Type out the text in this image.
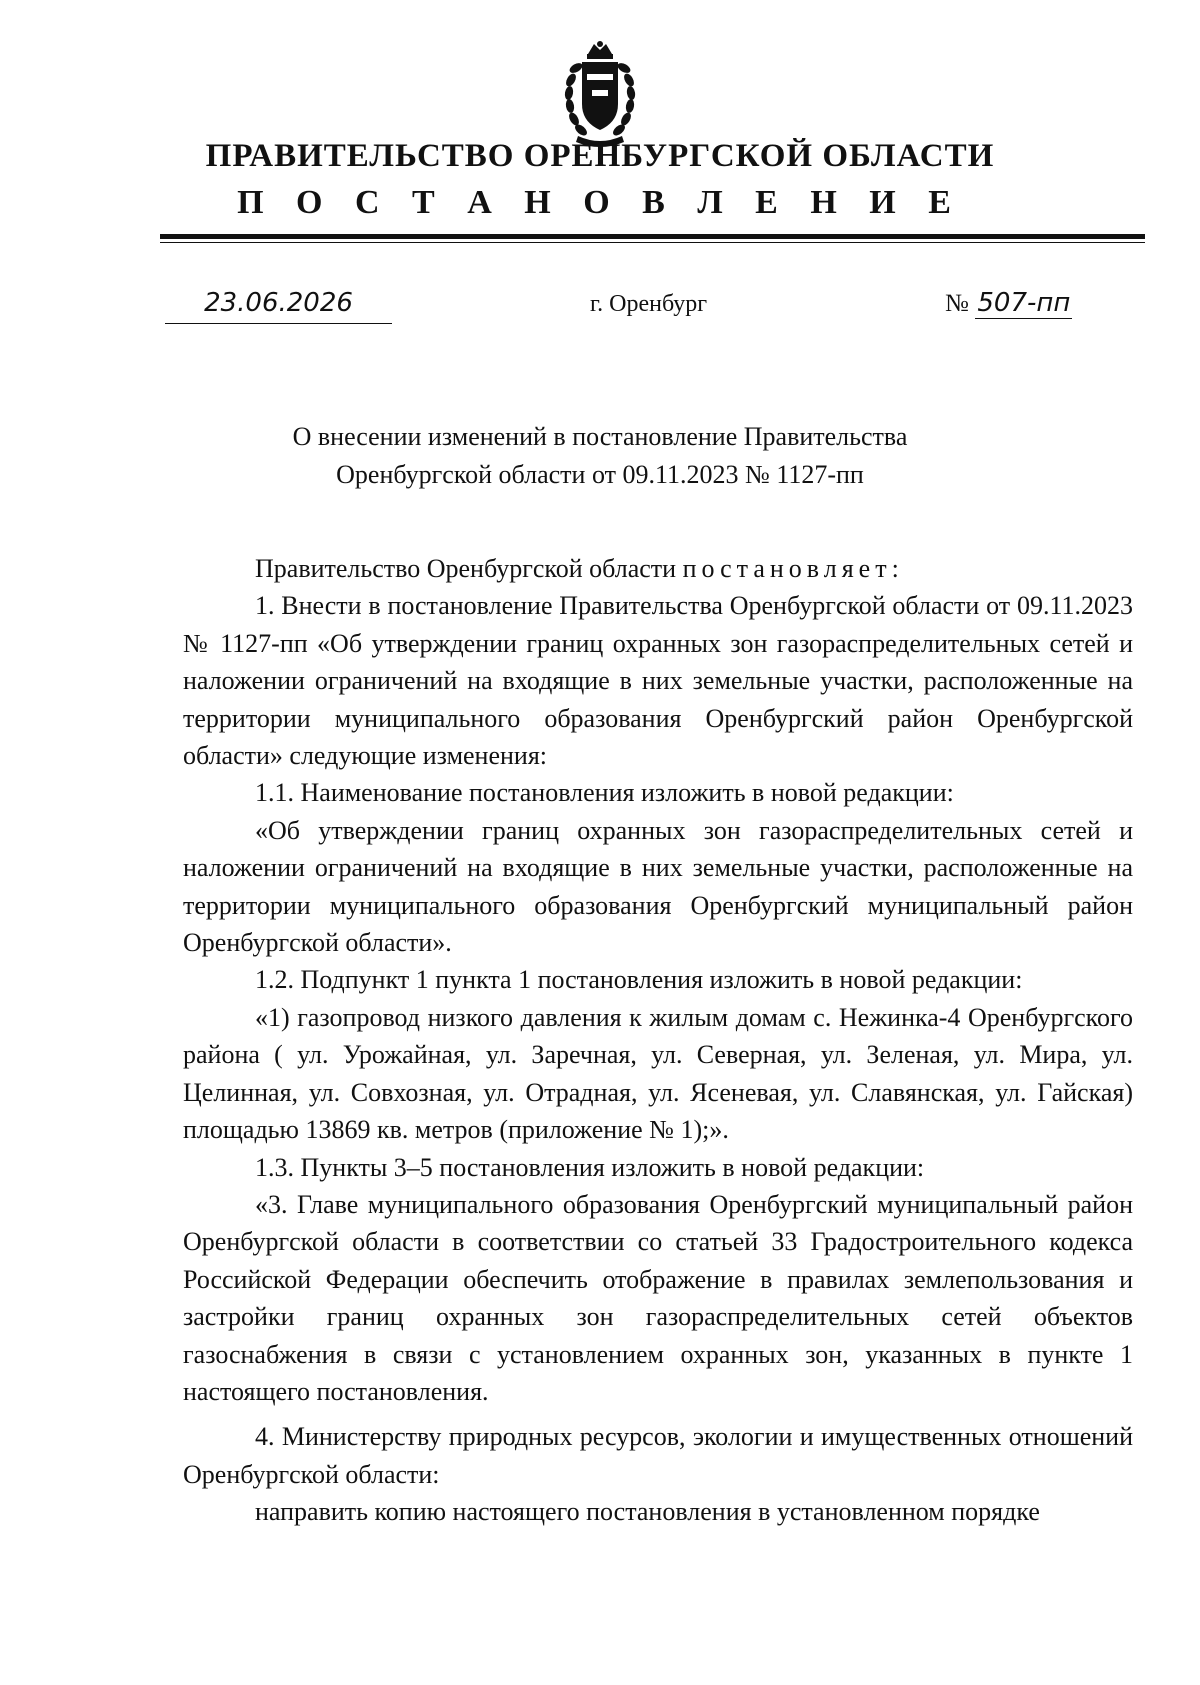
ПРАВИТЕЛЬСТВО ОРЕНБУРГСКОЙ ОБЛАСТИ
П О С Т А Н О В Л Е Н И Е
23.06.2026	г. Оренбург	№ 507-пп
О внесении изменений в постановление Правительства
Оренбургской области от 09.11.2023 № 1127-пп

Правительство Оренбургской области постановляет:

1. Внести в постановление Правительства Оренбургской области от 09.11.2023 № 1127-пп «Об утверждении границ охранных зон газораспределительных сетей и наложении ограничений на входящие в них земельные участки, расположенные на территории муниципального образования Оренбургский район Оренбургской области» следующие изменения:

1.1. Наименование постановления изложить в новой редакции:

«Об утверждении границ охранных зон газораспределительных сетей и наложении ограничений на входящие в них земельные участки, расположенные на территории муниципального образования Оренбургский муниципальный район Оренбургской области».

1.2. Подпункт 1 пункта 1 постановления изложить в новой редакции:

«1) газопровод низкого давления к жилым домам с. Нежинка-4 Оренбургского района ( ул. Урожайная, ул. Заречная, ул. Северная, ул. Зеленая, ул. Мира, ул. Целинная, ул. Совхозная, ул. Отрадная, ул. Ясеневая, ул. Славянская, ул. Гайская) площадью 13869 кв. метров (приложение № 1);».

1.3. Пункты 3–5 постановления изложить в новой редакции:

«3. Главе муниципального образования Оренбургский муниципальный район Оренбургской области в соответствии со статьей 33 Градостроительного кодекса Российской Федерации обеспечить отображение в правилах землепользования и застройки границ охранных зон газораспределительных сетей объектов газоснабжения в связи с установлением охранных зон, указанных в пункте 1 настоящего постановления.

4. Министерству природных ресурсов, экологии и имущественных отношений Оренбургской области:

направить копию настоящего постановления в установленном порядке
